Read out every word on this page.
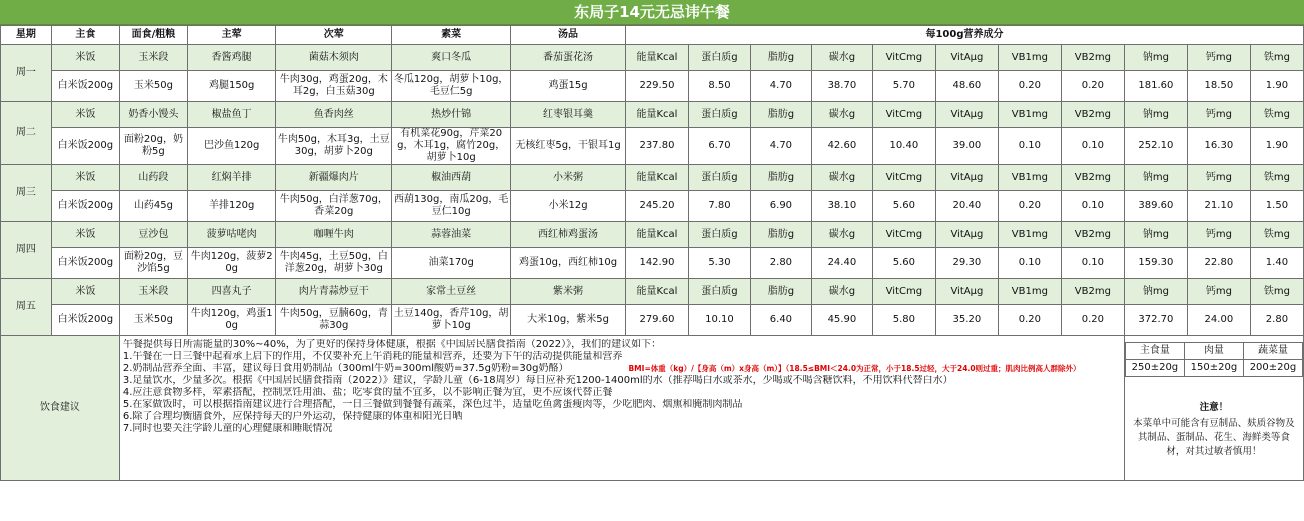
东局子14元无忌讳午餐
星期	主食	面食/粗粮	主荤	次荤	素菜	汤品	每100g营养成分
周一	米饭	玉米段	香酱鸡腿	菌菇木须肉	爽口冬瓜	番茄蛋花汤	能量Kcal	蛋白质g	脂肪g	碳水g	VitCmg	VitAμg	VB1mg	VB2mg	钠mg	钙mg	铁mg
白米饭200g	玉米50g	鸡腿150g	牛肉30g，鸡蛋20g，木耳2g，白玉菇30g	冬瓜120g，胡萝卜10g，毛豆仁5g	鸡蛋15g	229.50	8.50	4.70	38.70	5.70	48.60	0.20	0.20	181.60	18.50	1.90
周二	米饭	奶香小馒头	椒盐鱼丁	鱼香肉丝	热炒什锦	红枣银耳羹	能量Kcal	蛋白质g	脂肪g	碳水g	VitCmg	VitAμg	VB1mg	VB2mg	钠mg	钙mg	铁mg
白米饭200g	面粉20g，奶粉5g	巴沙鱼120g	牛肉50g，木耳3g，土豆30g，胡萝卜20g	有机菜花90g，芹菜20g，木耳1g，腐竹20g，胡萝卜10g	无核红枣5g，干银耳1g	237.80	6.70	4.70	42.60	10.40	39.00	0.10	0.10	252.10	16.30	1.90
周三	米饭	山药段	红焖羊排	新疆爆肉片	椒油西葫	小米粥	能量Kcal	蛋白质g	脂肪g	碳水g	VitCmg	VitAμg	VB1mg	VB2mg	钠mg	钙mg	铁mg
白米饭200g	山药45g	羊排120g	牛肉50g，白洋葱70g，香菜20g	西葫130g，南瓜20g，毛豆仁10g	小米12g	245.20	7.80	6.90	38.10	5.60	20.40	0.20	0.10	389.60	21.10	1.50
周四	米饭	豆沙包	菠萝咕咾肉	咖喱牛肉	蒜蓉油菜	西红柿鸡蛋汤	能量Kcal	蛋白质g	脂肪g	碳水g	VitCmg	VitAμg	VB1mg	VB2mg	钠mg	钙mg	铁mg
白米饭200g	面粉20g，豆沙馅5g	牛肉120g，菠萝20g	牛肉45g，土豆50g，白洋葱20g，胡萝卜30g	油菜170g	鸡蛋10g，西红柿10g	142.90	5.30	2.80	24.40	5.60	29.30	0.10	0.10	159.30	22.80	1.40
周五	米饭	玉米段	四喜丸子	肉片青蒜炒豆干	家常土豆丝	紫米粥	能量Kcal	蛋白质g	脂肪g	碳水g	VitCmg	VitAμg	VB1mg	VB2mg	钠mg	钙mg	铁mg
白米饭200g	玉米50g	牛肉120g，鸡蛋10g	牛肉50g，豆腩60g，青蒜30g	土豆140g，香芹10g，胡萝卜10g	大米10g，紫米5g	279.60	10.10	6.40	45.90	5.80	35.20	0.20	0.20	372.70	24.00	2.80
饮食建议	
午餐提供每日所需能量的30%~40%，为了更好的保持身体健康，根据《中国居民膳食指南（2022）》，我们的建议如下：
1.午餐在一日三餐中起着承上启下的作用，不仅要补充上午消耗的能量和营养，还要为下午的活动提供能量和营养
2.奶制品营养全面、丰富，建议每日食用奶制品（300ml牛奶=300ml酸奶=37.5g奶粉=30g奶酪）	BMI=体重（kg）/【身高（m）x身高（m）】（18.5≤BMI＜24.0为正常，小于18.5过轻，大于24.0则过重；肌肉比例高人群除外）
3.足量饮水，少量多次。根据《中国居民膳食指南（2022）》建议，学龄儿童（6-18周岁）每日应补充1200-1400ml的水（推荐喝白水或茶水，少喝或不喝含糖饮料，不用饮料代替白水）
4.应注意食物多样，荤素搭配，控制烹饪用油、盐；吃零食的量不宜多，以不影响正餐为宜，更不应该代替正餐
5.在家做饭时，可以根据指南建议进行合理搭配，一日三餐做到餐餐有蔬菜，深色过半，适量吃鱼禽蛋瘦肉等，少吃肥肉、烟熏和腌制肉制品
6.除了合理均衡膳食外，应保持每天的户外运动，保持健康的体重和阳光日晒
7.同时也要关注学龄儿童的心理健康和睡眠情况

主食量	肉量	蔬菜量
250±20g	150±20g	200±20g
注意！
本菜单中可能含有豆制品、麸质谷物及其制品、蛋制品、花生、海鲜类等食材，对其过敏者慎用！
